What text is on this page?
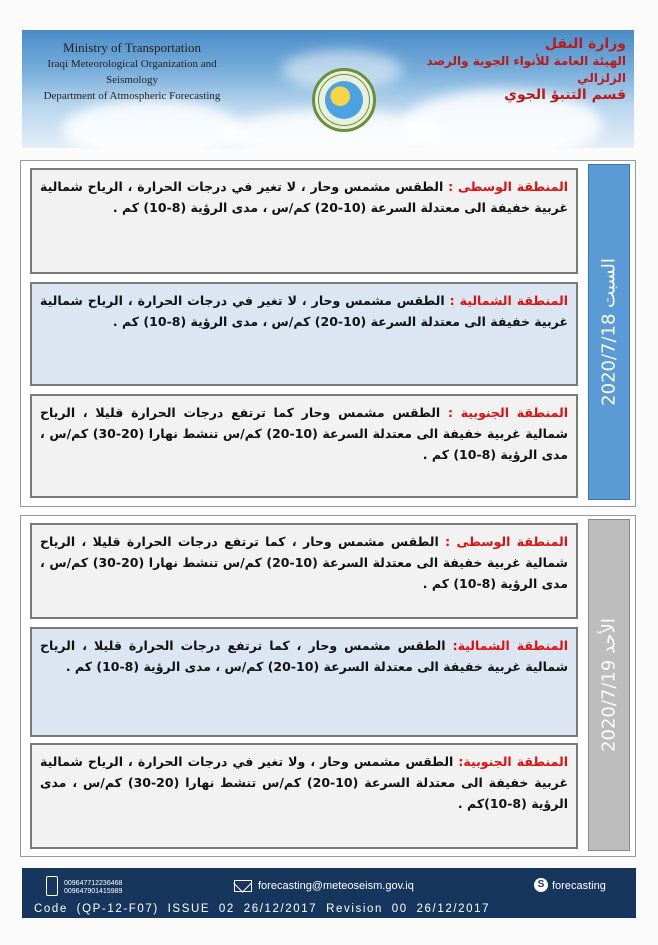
Ministry of Transportation
Iraqi Meteorological Organization and Seismology
Department of Atmospheric Forecasting
وزارة النقل
الهيئة العامة للأنواء الجوية والرصد الزلزالي
قسم التنبؤ الجوي
2020/7/18 السبت
المنطقة الوسطى : الطقس مشمس وحار ، لا تغير في درجات الحرارة ، الرياح شمالية غربية خفيفة الى معتدلة السرعة (10-20) كم/س ، مدى الرؤية (8-10) كم .
المنطقة الشمالية : الطقس مشمس وحار ، لا تغير في درجات الحرارة ، الرياح شمالية غربية خفيفة الى معتدلة السرعة (10-20) كم/س ، مدى الرؤية (8-10) كم .
المنطقة الجنوبية : الطقس مشمس وحار كما ترتفع درجات الحرارة قليلا ، الرياح شمالية غربية خفيفة الى معتدلة السرعة (10-20) كم/س تنشط نهارا (20-30) كم/س ، مدى الرؤية (8-10) كم .
2020/7/19 الأحد
المنطقة الوسطى : الطقس مشمس وحار ، كما ترتفع درجات الحرارة قليلا ، الرياح شمالية غربية خفيفة الى معتدلة السرعة (10-20) كم/س تنشط نهارا (20-30) كم/س ، مدى الرؤية (8-10) كم .
المنطقة الشمالية: الطقس مشمس وحار ، كما ترتفع درجات الحرارة قليلا ، الرياح شمالية غربية خفيفة الى معتدلة السرعة (10-20) كم/س ، مدى الرؤية (8-10) كم .
المنطقة الجنوبية: الطقس مشمس وحار ، ولا تغير في درجات الحرارة ، الرياح شمالية غربية خفيفة الى معتدلة السرعة (10-20) كم/س تنشط نهارا (20-30) كم/س ، مدى الرؤية (8-10)كم .
009647712236468
009647901415989	forecasting@meteoseism.gov.iq	S forecasting
Code (QP-12-F07) ISSUE 02 26/12/2017 Revision 00 26/12/2017
